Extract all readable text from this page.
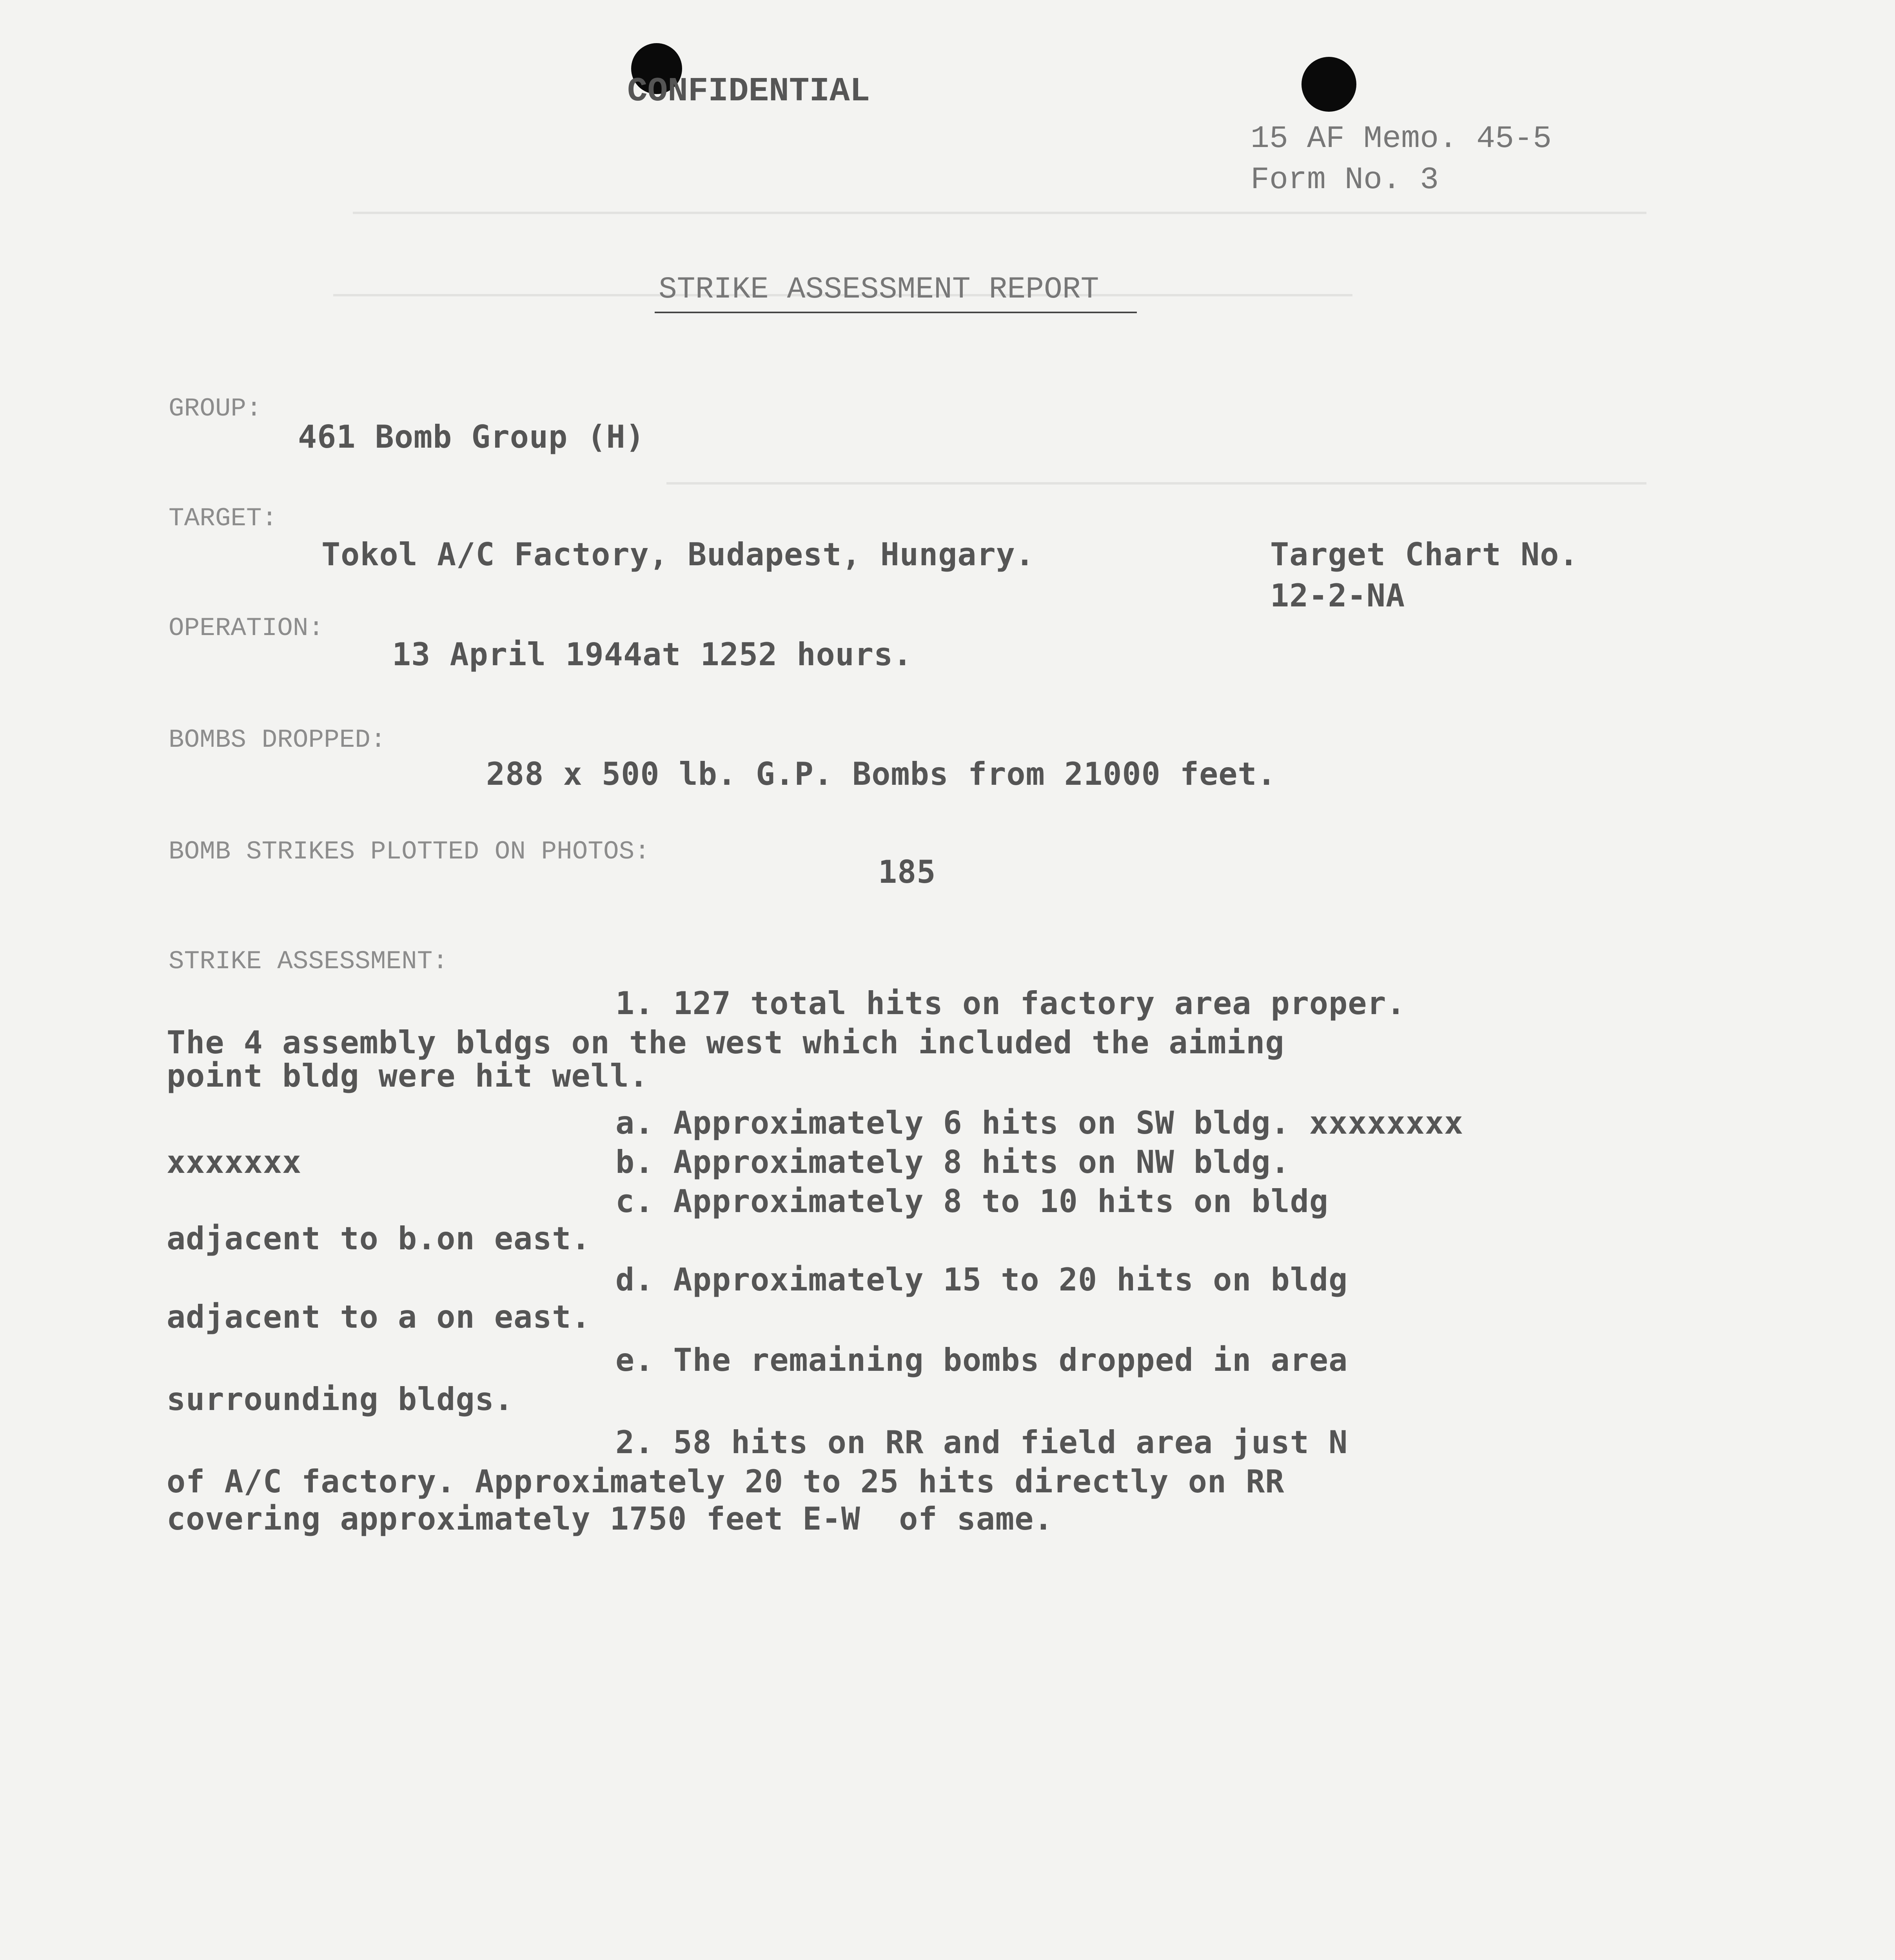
CONFIDENTIAL
15 AF Memo. 45-5
Form No. 3
STRIKE ASSESSMENT REPORT
GROUP:
461 Bomb Group (H)
TARGET:
Tokol A/C Factory, Budapest, Hungary.	Target Chart No.
12-2-NA
OPERATION:
13 April 1944at 1252 hours.
BOMBS DROPPED:
288 x 500 lb. G.P. Bombs from 21000 feet.
BOMB STRIKES PLOTTED ON PHOTOS:
185
STRIKE ASSESSMENT:
1. 127 total hits on factory area proper.
The 4 assembly bldgs on the west which included the aiming
point bldg were hit well.
a. Approximately 6 hits on SW bldg. xxxxxxxx
b. Approximately 8 hits on NW bldg.
xxxxxxx
c. Approximately 8 to 10 hits on bldg
adjacent to b.on east.
d. Approximately 15 to 20 hits on bldg
adjacent to a on east.
e. The remaining bombs dropped in area
surrounding bldgs.
2. 58 hits on RR and field area just N
of A/C factory. Approximately 20 to 25 hits directly on RR
covering approximately 1750 feet E-W  of same.
